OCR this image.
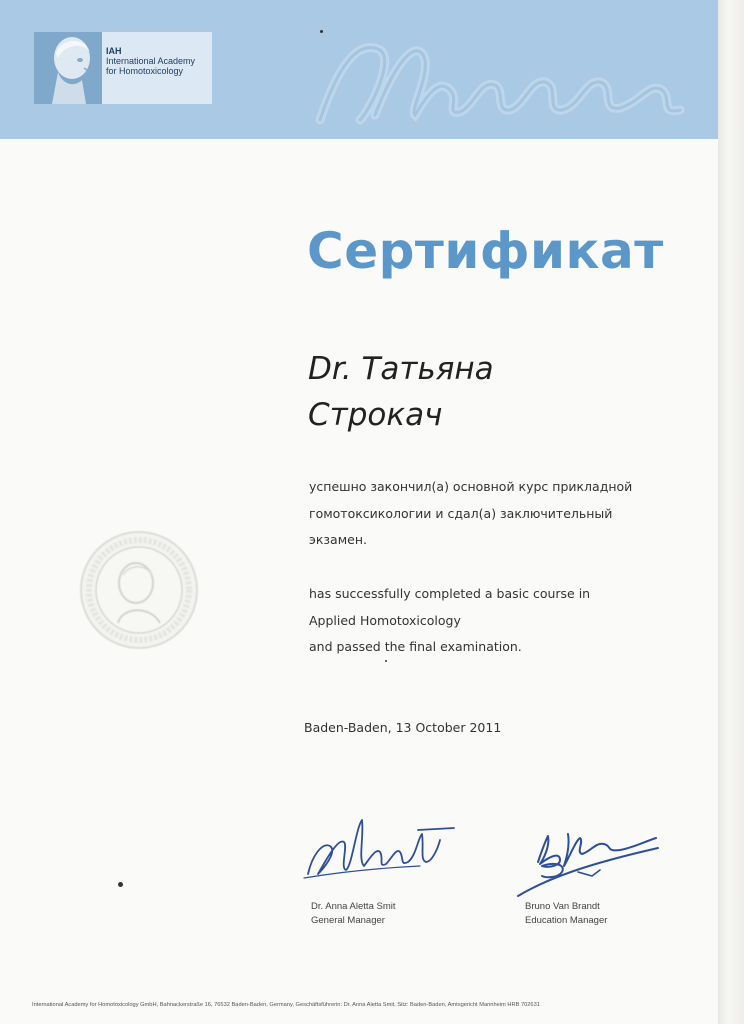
IAH
International Academy
for Homotoxicology
Сертификат
Dr. Татьяна
Строкач
успешно закончил(а) основной курс прикладной
гомотоксикологии и сдал(а) заключительный
экзамен.
has successfully completed a basic course in
Applied Homotoxicology
and passed the final examination.
Baden-Baden, 13 October 2011
Dr. Anna Aletta Smit
General Manager
Bruno Van Brandt
Education Manager
International Academy for Homotoxicology GmbH, Bahnackerstraße 16, 76532 Baden-Baden, Germany, Geschäftsführerin: Dr. Anna Aletta Smit, Sitz: Baden-Baden, Amtsgericht Mannheim HRB 702631
